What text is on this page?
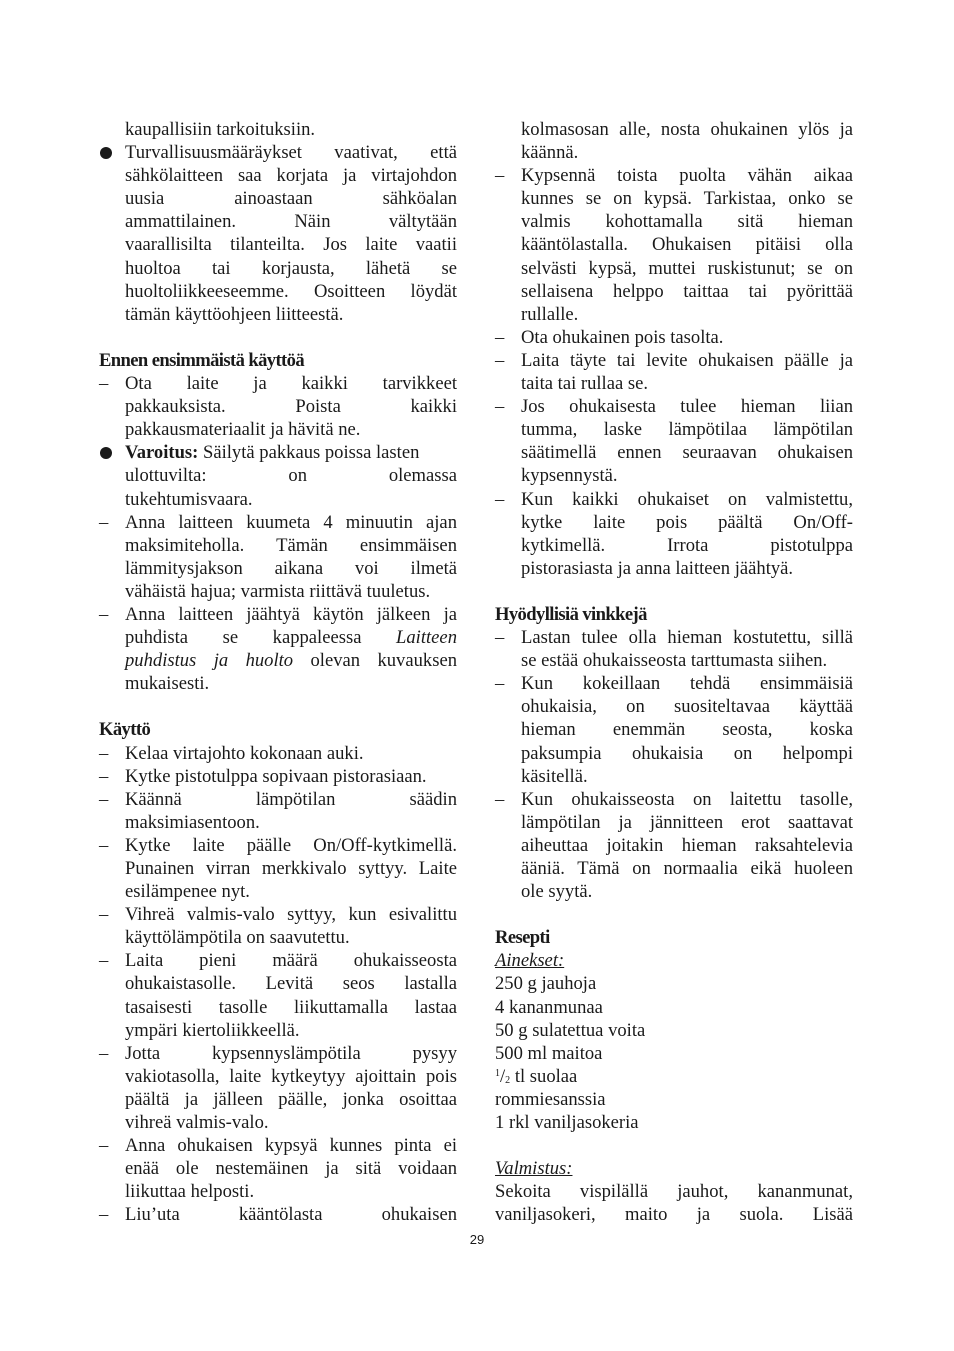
kaupallisiin tarkoituksiin.
Turvallisuusmääräykset vaativat, että
sähkölaitteen saa korjata ja virtajohdon
uusia ainoastaan sähköalan
ammattilainen. Näin vältytään
vaarallisilta tilanteilta. Jos laite vaatii
huoltoa tai korjausta, lähetä se
huoltoliikkeeseemme. Osoitteen löydät
tämän käyttöohjeen liitteestä.
Ennen ensimmäistä käyttöä
– Ota laite ja kaikki tarvikkeet
pakkauksista. Poista kaikki
pakkausmateriaalit ja hävitä ne.
Varoitus: Säilytä pakkaus poissa lasten
ulottuvilta: on olemassa
tukehtumisvaara.
– Anna laitteen kuumeta 4 minuutin ajan
maksimiteholla. Tämän ensimmäisen
lämmitysjakson aikana voi ilmetä
vähäistä hajua; varmista riittävä tuuletus.
– Anna laitteen jäähtyä käytön jälkeen ja
puhdista se kappaleessa Laitteen
puhdistus ja huolto olevan kuvauksen
mukaisesti.
Käyttö
– Kelaa virtajohto kokonaan auki.
– Kytke pistotulppa sopivaan pistorasiaan.
– Käännä lämpötilan säädin
maksimiasentoon.
– Kytke laite päälle On/Off-kytkimellä.
Punainen virran merkkivalo syttyy. Laite
esilämpenee nyt.
– Vihreä valmis-valo syttyy, kun esivalittu
käyttölämpötila on saavutettu.
– Laita pieni määrä ohukaisseosta
ohukaistasolle. Levitä seos lastalla
tasaisesti tasolle liikuttamalla lastaa
ympäri kiertoliikkeellä.
– Jotta kypsennyslämpötila pysyy
vakiotasolla, laite kytkeytyy ajoittain pois
päältä ja jälleen päälle, jonka osoittaa
vihreä valmis-valo.
– Anna ohukaisen kypsyä kunnes pinta ei
enää ole nestemäinen ja sitä voidaan
liikuttaa helposti.
– Liu’uta kääntölasta ohukaisen
kolmasosan alle, nosta ohukainen ylös ja
käännä.
– Kypsennä toista puolta vähän aikaa
kunnes se on kypsä. Tarkistaa, onko se
valmis kohottamalla sitä hieman
kääntölastalla. Ohukaisen pitäisi olla
selvästi kypsä, muttei ruskistunut; se on
sellaisena helppo taittaa tai pyörittää
rullalle.
– Ota ohukainen pois tasolta.
– Laita täyte tai levite ohukaisen päälle ja
taita tai rullaa se.
– Jos ohukaisesta tulee hieman liian
tumma, laske lämpötilaa lämpötilan
säätimellä ennen seuraavan ohukaisen
kypsennystä.
– Kun kaikki ohukaiset on valmistettu,
kytke laite pois päältä On/Off-
kytkimellä. Irrota pistotulppa
pistorasiasta ja anna laitteen jäähtyä.
Hyödyllisiä vinkkejä
– Lastan tulee olla hieman kostutettu, sillä
se estää ohukaisseosta tarttumasta siihen.
– Kun kokeillaan tehdä ensimmäisiä
ohukaisia, on suositeltavaa käyttää
hieman enemmän seosta, koska
paksumpia ohukaisia on helpompi
käsitellä.
– Kun ohukaisseosta on laitettu tasolle,
lämpötilan ja jännitteen erot saattavat
aiheuttaa joitakin hieman raksahtelevia
ääniä. Tämä on normaalia eikä huoleen
ole syytä.
Resepti
Ainekset:
250 g jauhoja
4 kananmunaa
50 g sulatettua voita
500 ml maitoa
$^1/_2$ tl suolaa
rommiesanssia
1 rkl vaniljasokeria
Valmistus:
Sekoita vispilällä jauhot, kananmunat,
vaniljasokeri, maito ja suola. Lisää
29
